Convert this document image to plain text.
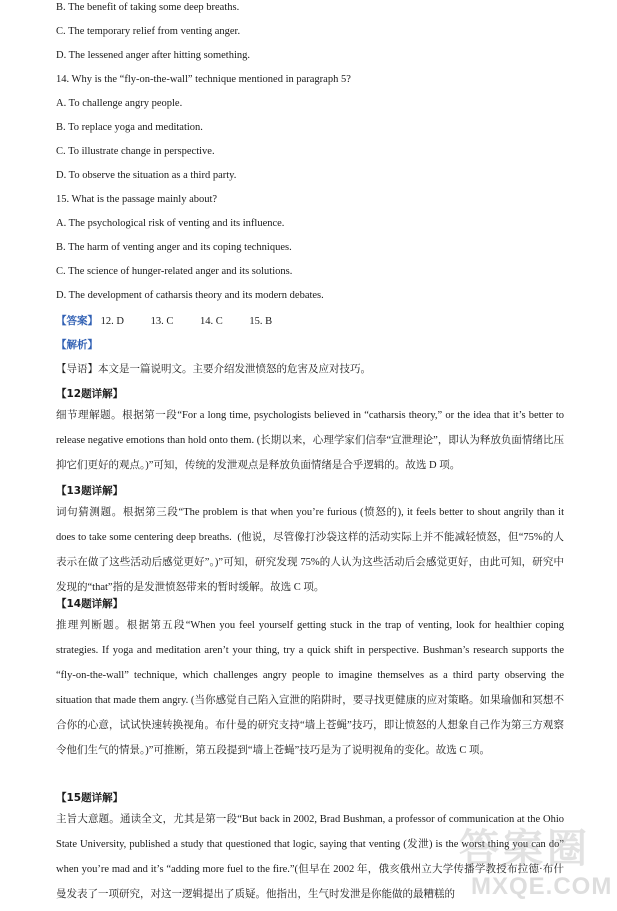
B. The benefit of taking some deep breaths.
C. The temporary relief from venting anger.
D. The lessened anger after hitting something.
14. Why is the “fly-on-the-wall” technique mentioned in paragraph 5?
A. To challenge angry people.
B. To replace yoga and meditation.
C. To illustrate change in perspective.
D. To observe the situation as a third party.
15. What is the passage mainly about?
A. The psychological risk of venting and its influence.
B. The harm of venting anger and its coping techniques.
C. The science of hunger-related anger and its solutions.
D. The development of catharsis theory and its modern debates.
【答案】 12. D	13. C	14. C	15. B
【解析】
【导语】本文是一篇说明文。主要介绍发泄愤怒的危害及应对技巧。
【12题详解】
细节理解题。根据第一段“For a long time, psychologists believed in “catharsis theory,” or the idea that it’s better to release negative emotions than hold onto them. (长期以来，心理学家们信奉“宣泄理论”，即认为释放负面情绪比压抑它们更好的观点。)”可知，传统的发泄观点是释放负面情绪是合乎逻辑的。故选 D 项。
【13题详解】
词句猜测题。根据第三段“The problem is that when you’re furious (愤怒的), it feels better to shout angrily than it does to take some centering deep breaths.  (他说，尽管像打沙袋这样的活动实际上并不能减轻愤怒，但“75%的人表示在做了这些活动后感觉更好”。)”可知，研究发现 75%的人认为这些活动后会感觉更好，由此可知，研究中发现的“that”指的是发泄愤怒带来的暂时缓解。故选 C 项。
【14题详解】
推理判断题。根据第五段“When you feel yourself getting stuck in the trap of venting, look for healthier coping strategies. If yoga and meditation aren’t your thing, try a quick shift in perspective. Bushman’s research supports the “fly-on-the-wall” technique, which challenges angry people to imagine themselves as a third party observing the situation that made them angry. (当你感觉自己陷入宣泄的陷阱时，要寻找更健康的应对策略。如果瑜伽和冥想不合你的心意，试试快速转换视角。布什曼的研究支持“墙上苍蝇”技巧，即让愤怒的人想象自己作为第三方观察令他们生气的情景。)”可推断，第五段提到“墙上苍蝇”技巧是为了说明视角的变化。故选 C 项。
【15题详解】
主旨大意题。通读全文，尤其是第一段“But back in 2002, Brad Bushman, a professor of communication at the Ohio State University, published a study that questioned that logic, saying that venting (发泄) is the worst thing you can do” when you’re mad and it’s “adding more fuel to the fire.”(但早在 2002 年，俄亥俄州立大学传播学教授布拉德·布什曼发表了一项研究，对这一逻辑提出了质疑。他指出，生气时发泄是你能做的最糟糕的
答案圈
MXQE.COM
